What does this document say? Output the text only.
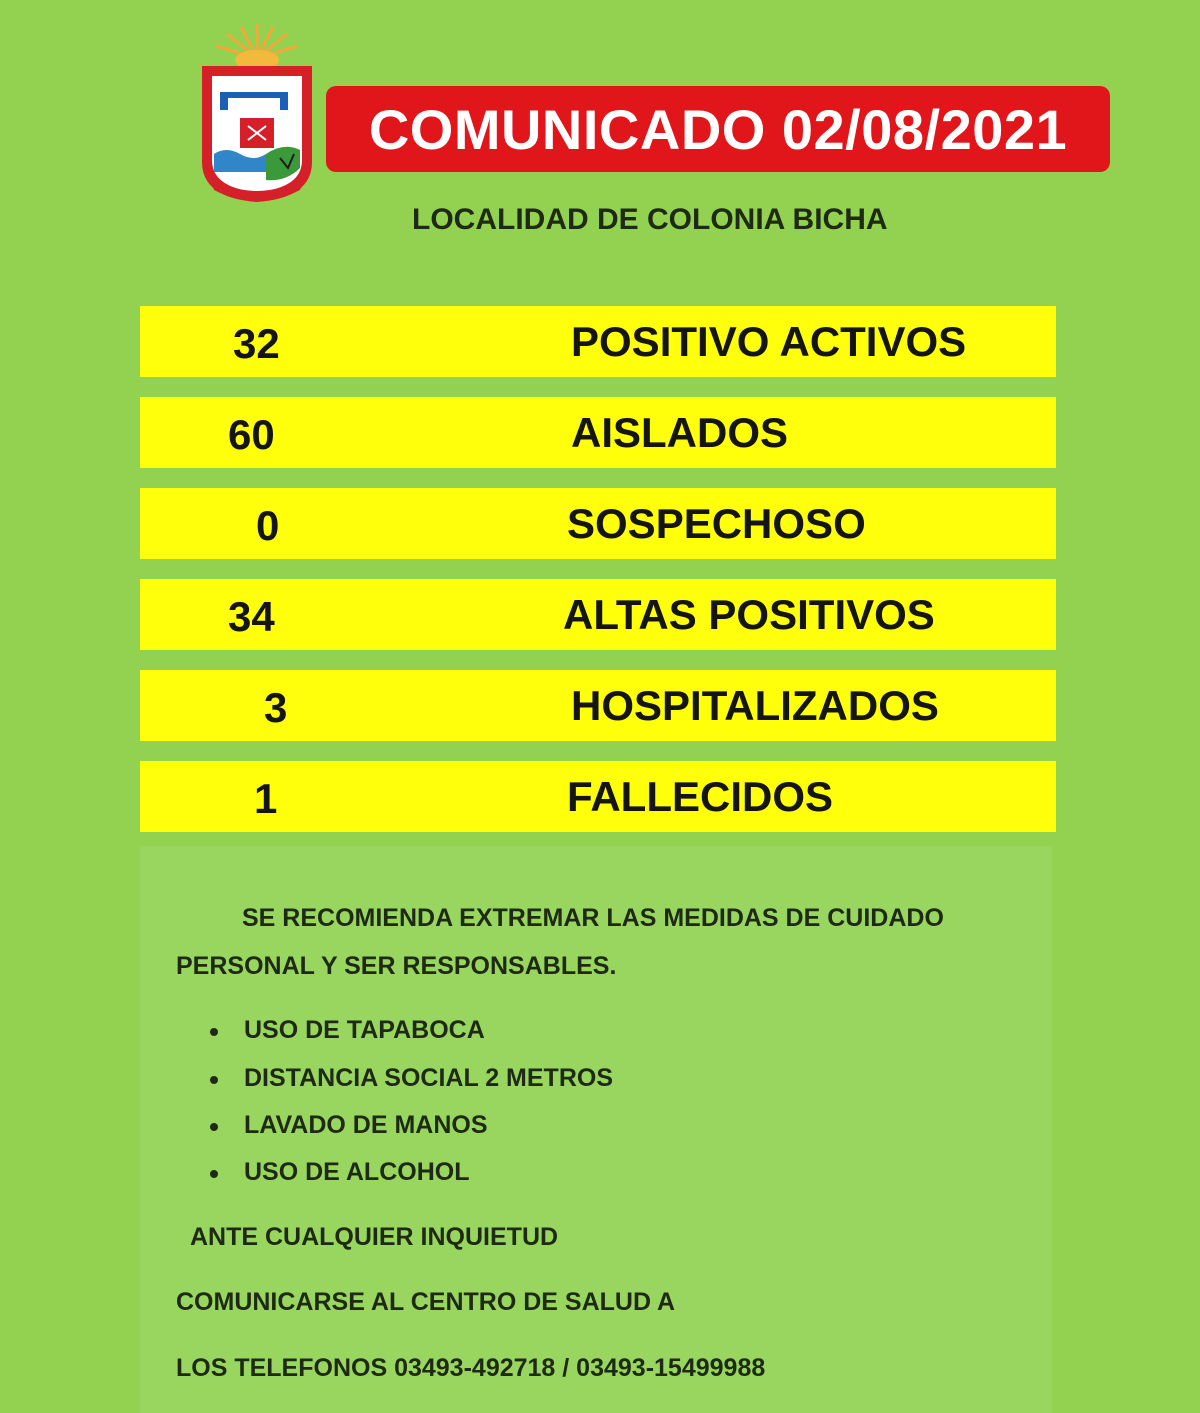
COMUNICADO 02/08/2021
LOCALIDAD DE COLONIA BICHA
32	POSITIVO ACTIVOS
60	AISLADOS
0	SOSPECHOSO
34	ALTAS POSITIVOS
3	HOSPITALIZADOS
1	FALLECIDOS
SE RECOMIENDA EXTREMAR LAS MEDIDAS DE CUIDADO
PERSONAL Y SER RESPONSABLES.
USO DE TAPABOCA
DISTANCIA SOCIAL 2 METROS
LAVADO DE MANOS
USO DE ALCOHOL
ANTE CUALQUIER INQUIETUD
COMUNICARSE AL CENTRO DE SALUD A
LOS TELEFONOS 03493-492718 / 03493-15499988
